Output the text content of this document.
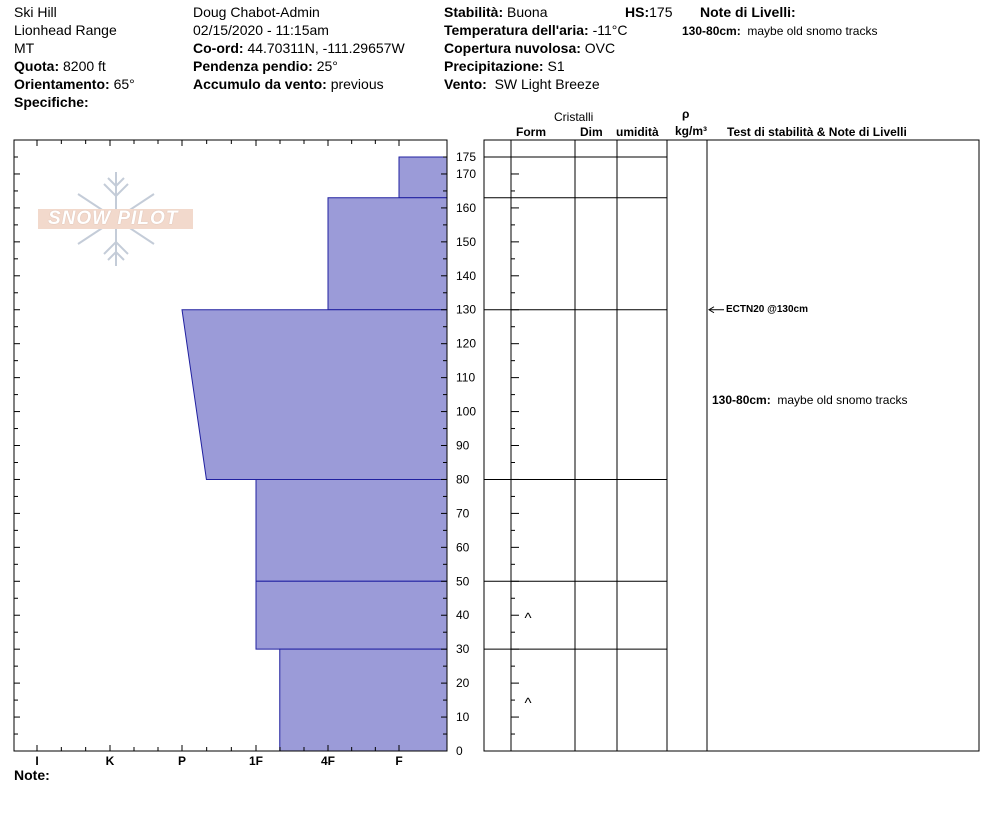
Ski Hill
Lionhead Range
MT
Quota: 8200 ft
Orientamento: 65°
Specifiche:
Doug Chabot-Admin
02/15/2020 - 11:15am
Co-ord: 44.70311N, -111.29657W
Pendenza pendio: 25°
Accumulo da vento: previous
Stabilità: Buona	HS:175
Temperatura dell'aria: -11°C
Copertura nuvolosa: OVC
Precipitazione: S1
Vento: SW Light Breeze
Note di Livelli:
130-80cm: maybe old snomo tracks
Cristalli
Form	Dim umidità
ρ
kg/m³ Test di stabilità & Note di Livelli
SNOW PILOT
0
10
20
30
40
50
60
70
80
90
100
110
120
130
140
150
160
170
175
I	K	P	1F	4F	F
^
^
ECTN20 @130cm
130-80cm: maybe old snomo tracks
Note:
